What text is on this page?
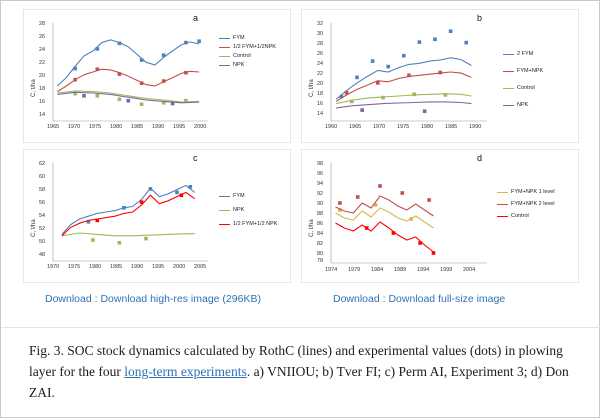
a
C, t/ha
28
26
24
22
20
18
16
14
1965 1970 1975 1980 1985 1990 1995 2000
FYM
1/2 FYM+1/2NPK
Control
NPK
b
C, t/ha
32
30
28
26
24
22
20
18
16
14
1960 1965 1970 1975 1980 1985 1990
2 FYM
FYM+NPK
Control
NPK
c
C, t/ha
62
60
58
56
54
52
50
48
1970 1975 1980 1985 1990 1995 2000 2005
FYM
NPK
1/2 FYM+1/2 NPK
d
C, t/ha
98
96
94
92
90
88
86
84
82
80
78
1974 1979 1984 1989 1994 1999 2004
FYM+NPK 1 level
FYM+NPK 2 level
Control
Download : Download high-res image (296KB)	Download : Download full-size image
Fig. 3. SOC stock dynamics calculated by RothC (lines) and experimental values (dots) in plowing layer for the four long-term experiments. a) VNIIOU; b) Tver FI; c) Perm AI, Experiment 3; d) Don ZAI.
